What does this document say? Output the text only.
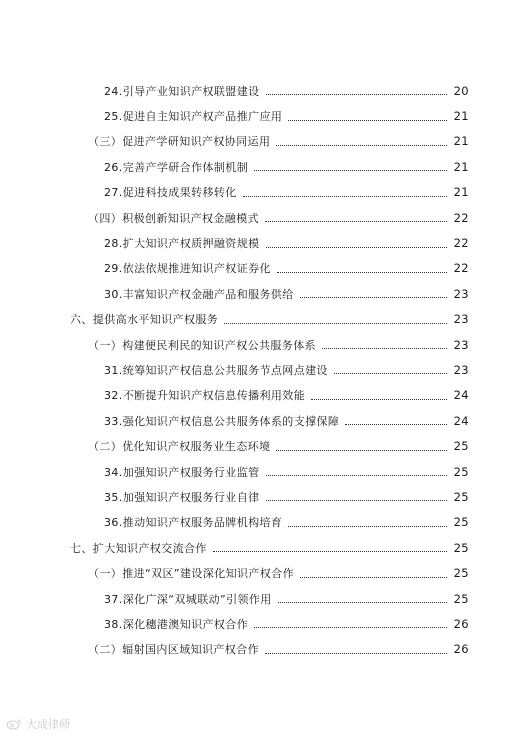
24.引导产业知识产权联盟建设	20
25.促进自主知识产权产品推广应用	21
（三）促进产学研知识产权协同运用	21
26.完善产学研合作体制机制	21
27.促进科技成果转移转化	21
（四）积极创新知识产权金融模式	22
28.扩大知识产权质押融资规模	22
29.依法依规推进知识产权证券化	22
30.丰富知识产权金融产品和服务供给	23
六、提供高水平知识产权服务	23
（一）构建便民利民的知识产权公共服务体系	23
31.统筹知识产权信息公共服务节点网点建设	23
32.不断提升知识产权信息传播利用效能	24
33.强化知识产权信息公共服务体系的支撑保障	24
（二）优化知识产权服务业生态环境	25
34.加强知识产权服务行业监管	25
35.加强知识产权服务行业自律	25
36.推动知识产权服务品牌机构培育	25
七、扩大知识产权交流合作	25
（一）推进“双区”建设深化知识产权合作	25
37.深化广深“双城联动”引领作用	25
38.深化穗港澳知识产权合作	26
（二）辐射国内区域知识产权合作	26
大成律师
